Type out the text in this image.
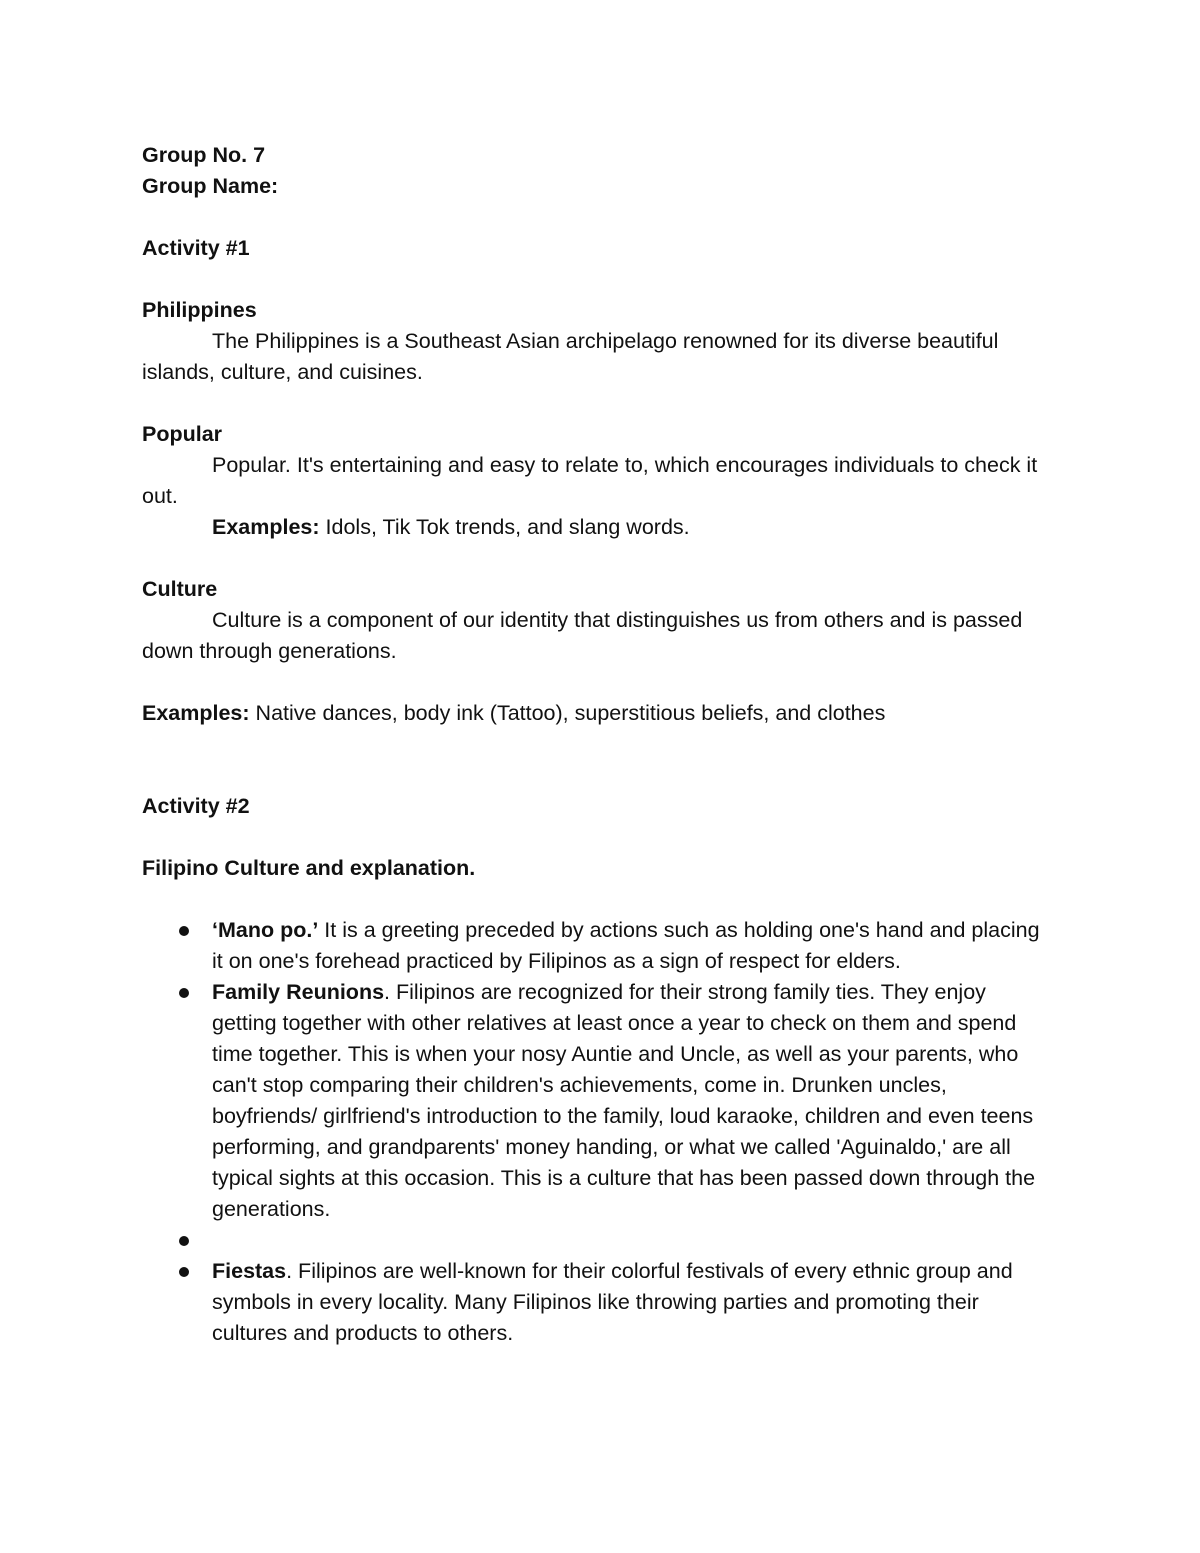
Group No. 7

Group Name:

Activity #1

Philippines

The Philippines is a Southeast Asian archipelago renowned for its diverse beautiful islands, culture, and cuisines.

Popular

Popular. It's entertaining and easy to relate to, which encourages individuals to check it out.

Examples: Idols, Tik Tok trends, and slang words.

Culture

Culture is a component of our identity that distinguishes us from others and is passed down through generations.

Examples: Native dances, body ink (Tattoo), superstitious beliefs, and clothes

Activity #2

Filipino Culture and explanation.

‘Mano po.’ It is a greeting preceded by actions such as holding one's hand and placing it on one's forehead practiced by Filipinos as a sign of respect for elders.
Family Reunions. Filipinos are recognized for their strong family ties. They enjoy getting together with other relatives at least once a year to check on them and spend time together. This is when your nosy Auntie and Uncle, as well as your parents, who can't stop comparing their children's achievements, come in. Drunken uncles, boyfriends/ girlfriend's introduction to the family, loud karaoke, children and even teens performing, and grandparents' money handing, or what we called 'Aguinaldo,' are all typical sights at this occasion. This is a culture that has been passed down through the generations.
Fiestas. Filipinos are well-known for their colorful festivals of every ethnic group and symbols in every locality. Many Filipinos like throwing parties and promoting their cultures and products to others.
